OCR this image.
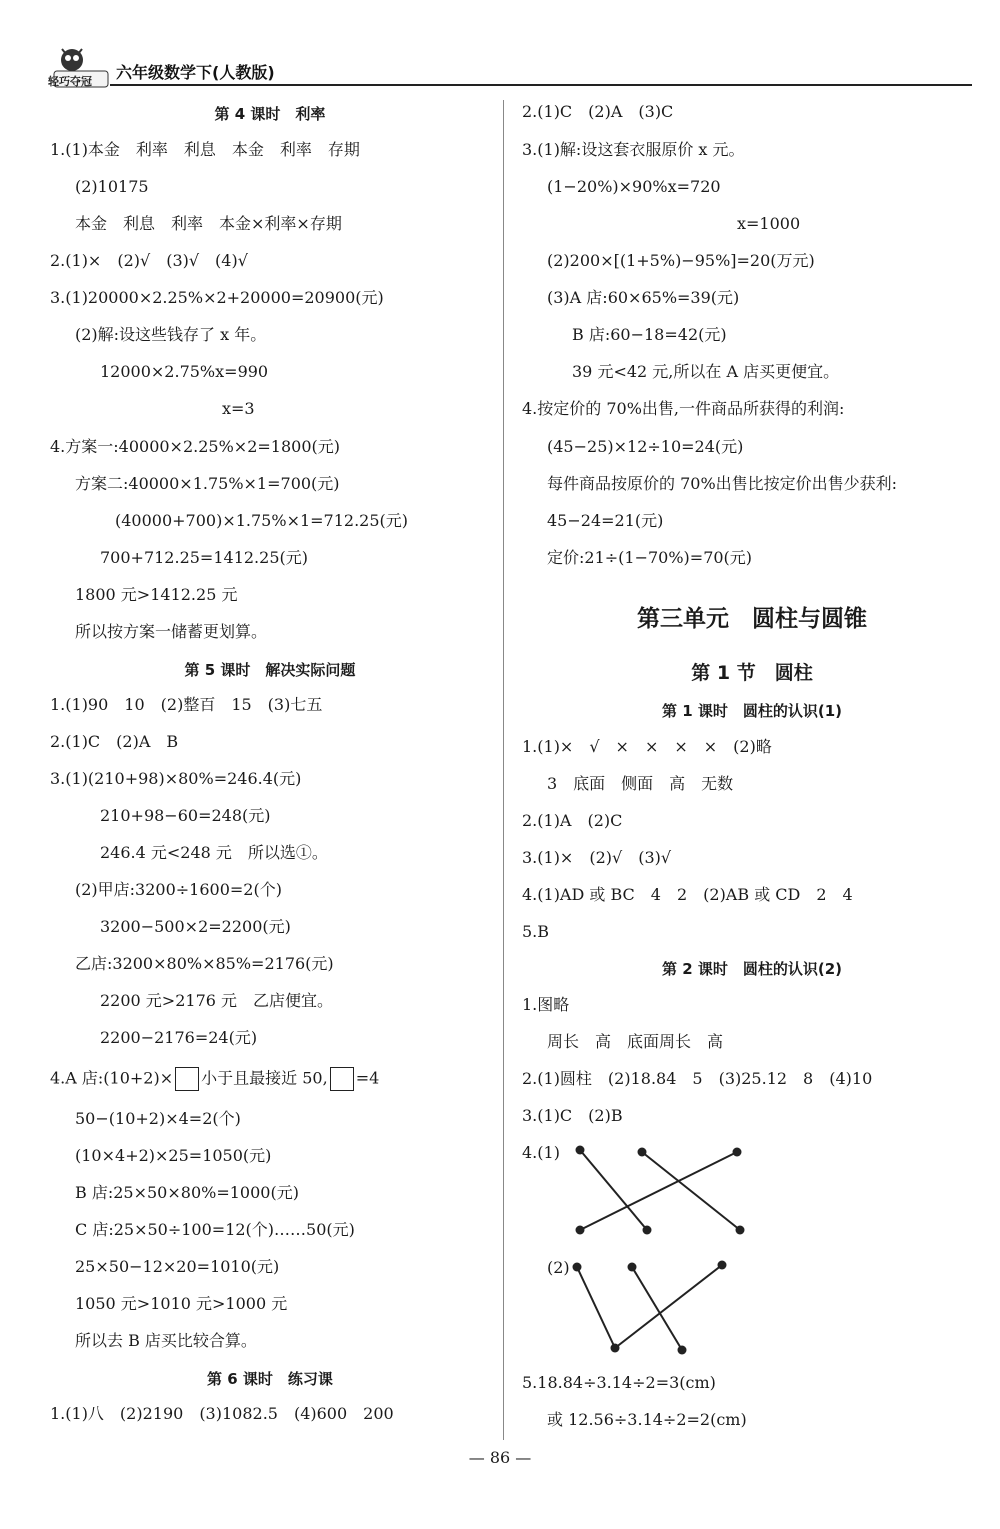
轻巧夺冠 六年级数学下(人教版)
第 4 课时　利率
1.(1)本金　利率　利息　本金　利率　存期
(2)10175
本金　利息　利率　本金×利率×存期
2.(1)×　(2)√　(3)√　(4)√
3.(1)20000×2.25%×2+20000=20900(元)
(2)解:设这些钱存了 x 年。
12000×2.75%x=990
x=3
4.方案一:40000×2.25%×2=1800(元)
方案二:40000×1.75%×1=700(元)
(40000+700)×1.75%×1=712.25(元)
700+712.25=1412.25(元)
1800 元>1412.25 元
所以按方案一储蓄更划算。
第 5 课时　解决实际问题
1.(1)90　10　(2)整百　15　(3)七五
2.(1)C　(2)A　B
3.(1)(210+98)×80%=246.4(元)
210+98−60=248(元)
246.4 元<248 元　所以选①。
(2)甲店:3200÷1600=2(个)
3200−500×2=2200(元)
乙店:3200×80%×85%=2176(元)
2200 元>2176 元　乙店便宜。
2200−2176=24(元)
4.A 店:(10+2)× 小于且最接近 50, =4
50−(10+2)×4=2(个)
(10×4+2)×25=1050(元)
B 店:25×50×80%=1000(元)
C 店:25×50÷100=12(个)……50(元)
25×50−12×20=1010(元)
1050 元>1010 元>1000 元
所以去 B 店买比较合算。
第 6 课时　练习课
1.(1)八　(2)2190　(3)1082.5　(4)600　200
2.(1)C　(2)A　(3)C
3.(1)解:设这套衣服原价 x 元。
(1−20%)×90%x=720
x=1000
(2)200×[(1+5%)−95%]=20(万元)
(3)A 店:60×65%=39(元)
B 店:60−18=42(元)
39 元<42 元,所以在 A 店买更便宜。
4.按定价的 70%出售,一件商品所获得的利润:
(45−25)×12÷10=24(元)
每件商品按原价的 70%出售比按定价出售少获利:
45−24=21(元)
定价:21÷(1−70%)=70(元)
第三单元　圆柱与圆锥
第 1 节　圆柱
第 1 课时　圆柱的认识(1)
1.(1)×　√　×　×　×　×　(2)略
3　底面　侧面　高　无数
2.(1)A　(2)C
3.(1)×　(2)√　(3)√
4.(1)AD 或 BC　4　2　(2)AB 或 CD　2　4
5.B
第 2 课时　圆柱的认识(2)
1.图略
周长　高　底面周长　高
2.(1)圆柱　(2)18.84　5　(3)25.12　8　(4)10
3.(1)C　(2)B
4.(1)
(2)
5.18.84÷3.14÷2=3(cm)
或 12.56÷3.14÷2=2(cm)
— 86 —
